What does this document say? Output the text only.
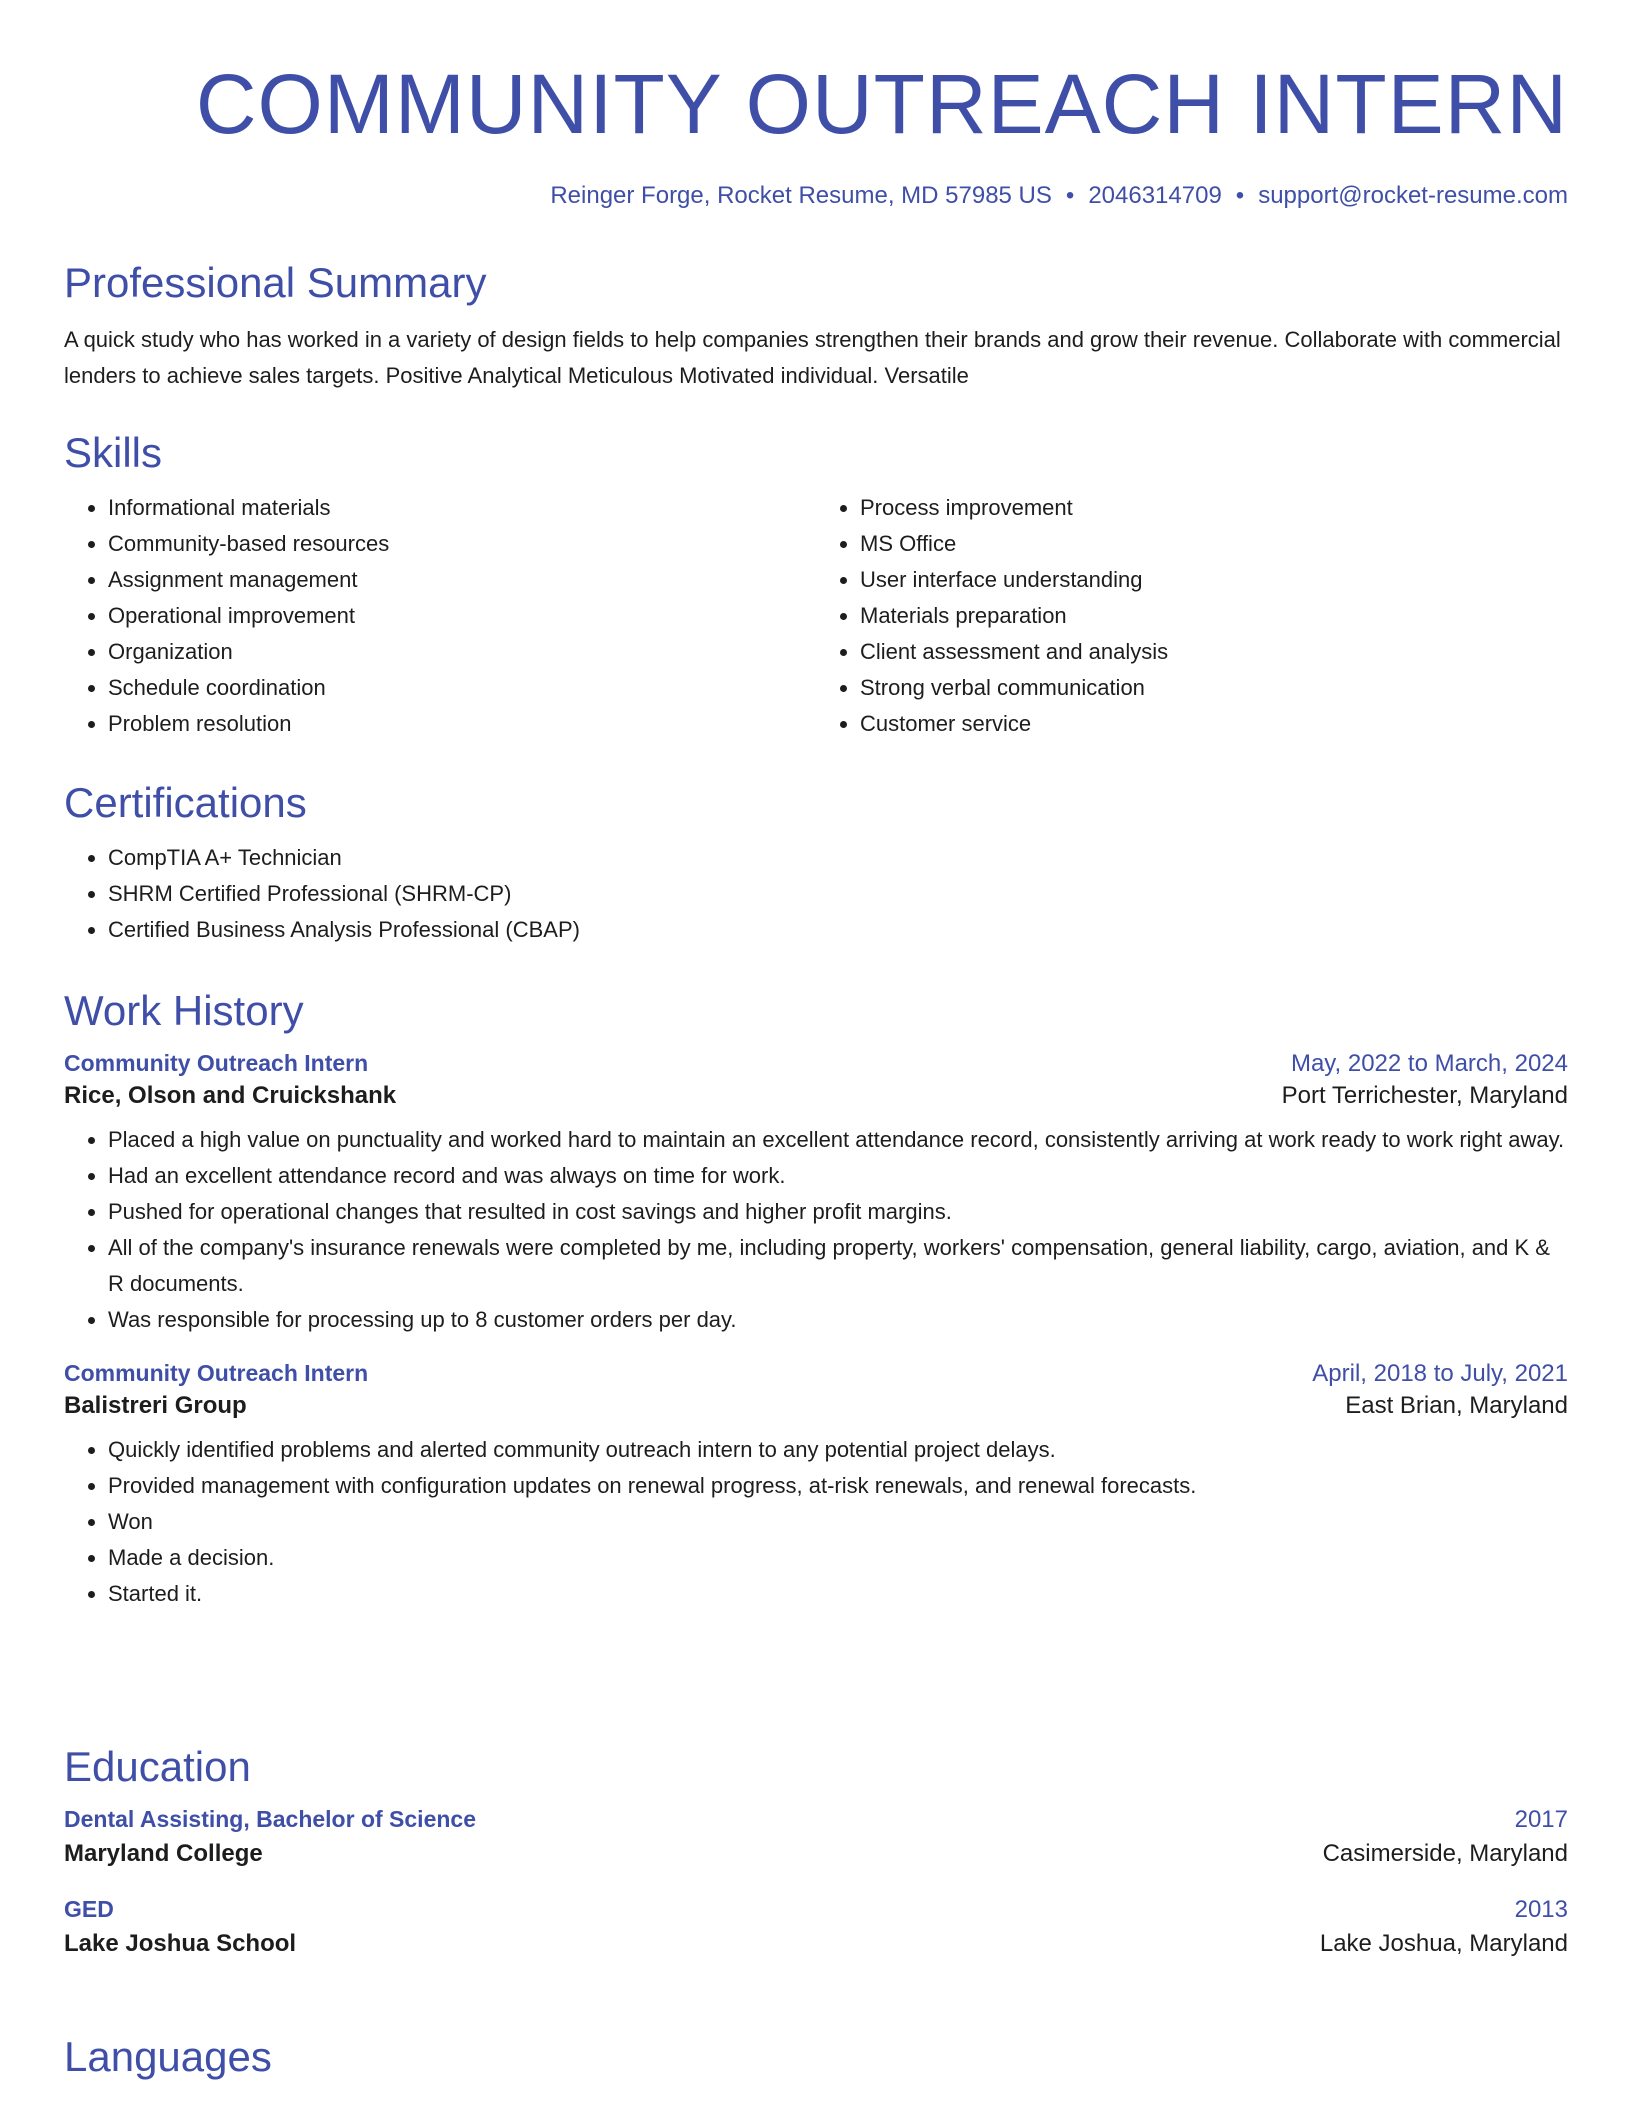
COMMUNITY OUTREACH INTERN
Reinger Forge, Rocket Resume, MD 57985 US • 2046314709 • support@rocket-resume.com
Professional Summary
A quick study who has worked in a variety of design fields to help companies strengthen their brands and grow their revenue. Collaborate with commercial lenders to achieve sales targets. Positive Analytical Meticulous Motivated individual. Versatile
Skills
• Informational materials
• Community-based resources
• Assignment management
• Operational improvement
• Organization
• Schedule coordination
• Problem resolution
• Process improvement
• MS Office
• User interface understanding
• Materials preparation
• Client assessment and analysis
• Strong verbal communication
• Customer service
Certifications
• CompTIA A+ Technician
• SHRM Certified Professional (SHRM-CP)
• Certified Business Analysis Professional (CBAP)
Work History
Community Outreach Intern	May, 2022 to March, 2024
Rice, Olson and Cruickshank	Port Terrichester, Maryland
• Placed a high value on punctuality and worked hard to maintain an excellent attendance record, consistently arriving at work ready to work right away.
• Had an excellent attendance record and was always on time for work.
• Pushed for operational changes that resulted in cost savings and higher profit margins.
• All of the company's insurance renewals were completed by me, including property, workers' compensation, general liability, cargo, aviation, and K & R documents.
• Was responsible for processing up to 8 customer orders per day.
Community Outreach Intern	April, 2018 to July, 2021
Balistreri Group	East Brian, Maryland
• Quickly identified problems and alerted community outreach intern to any potential project delays.
• Provided management with configuration updates on renewal progress, at-risk renewals, and renewal forecasts.
• Won
• Made a decision.
• Started it.
Education
Dental Assisting, Bachelor of Science	2017
Maryland College	Casimerside, Maryland
GED	2013
Lake Joshua School	Lake Joshua, Maryland
Languages
